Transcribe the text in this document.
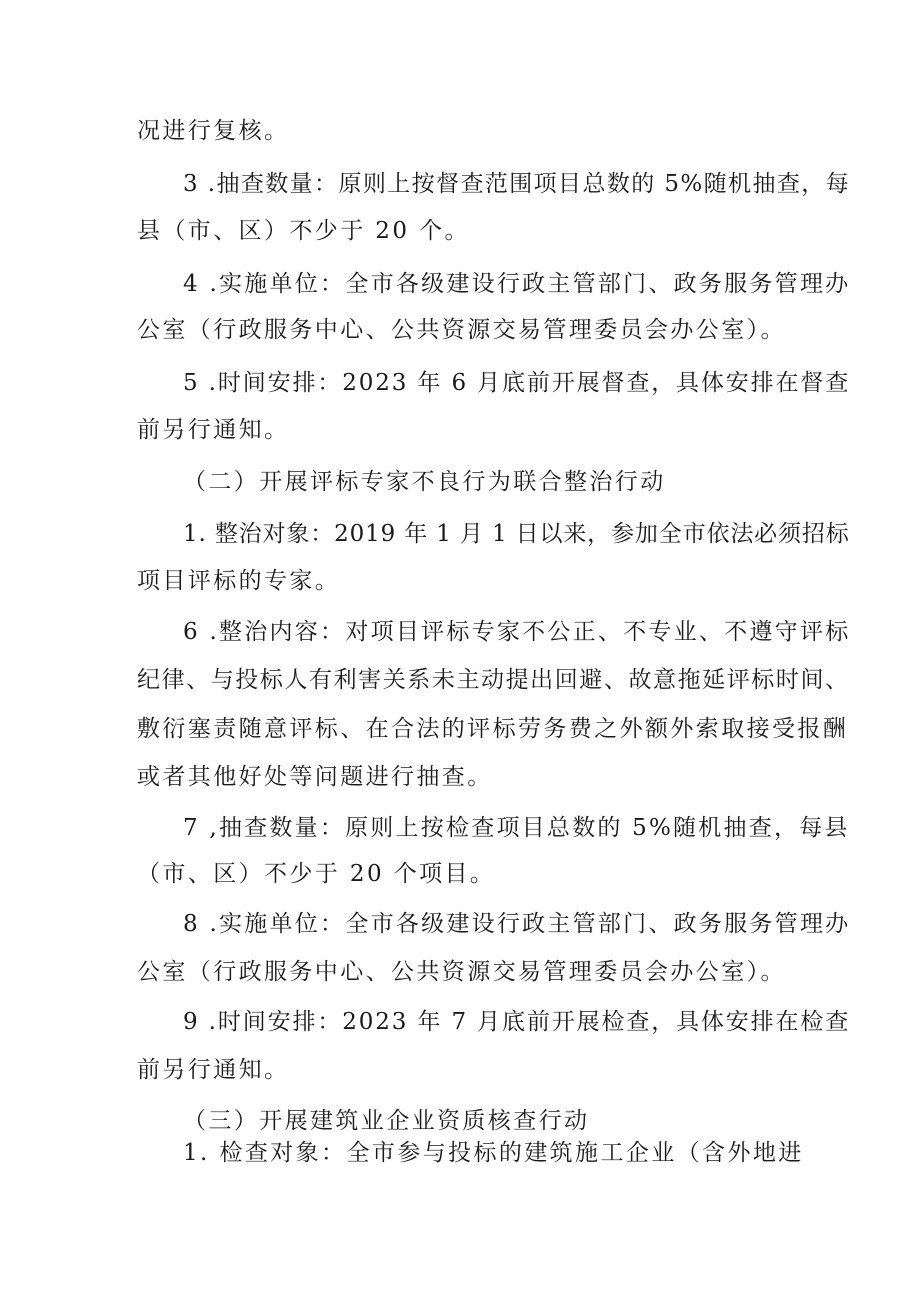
况进行复核。
3 .抽查数量：原则上按督查范围项目总数的 5%随机抽查，每
县（市、区）不少于 20 个。
4 .实施单位：全市各级建设行政主管部门、政务服务管理办
公室（行政服务中心、公共资源交易管理委员会办公室）。
5 .时间安排：2023 年 6 月底前开展督查，具体安排在督查
前另行通知。
（二）开展评标专家不良行为联合整治行动
1. 整治对象：2019 年 1 月 1 日以来，参加全市依法必须招标
项目评标的专家。
6 .整治内容：对项目评标专家不公正、不专业、不遵守评标
纪律、与投标人有利害关系未主动提出回避、故意拖延评标时间、
敷衍塞责随意评标、在合法的评标劳务费之外额外索取接受报酬
或者其他好处等问题进行抽查。
7 ,抽查数量：原则上按检查项目总数的 5%随机抽查，每县
（市、区）不少于 20 个项目。
8 .实施单位：全市各级建设行政主管部门、政务服务管理办
公室（行政服务中心、公共资源交易管理委员会办公室）。
9 .时间安排：2023 年 7 月底前开展检查，具体安排在检查
前另行通知。
（三）开展建筑业企业资质核查行动
1. 检查对象：全市参与投标的建筑施工企业（含外地进
